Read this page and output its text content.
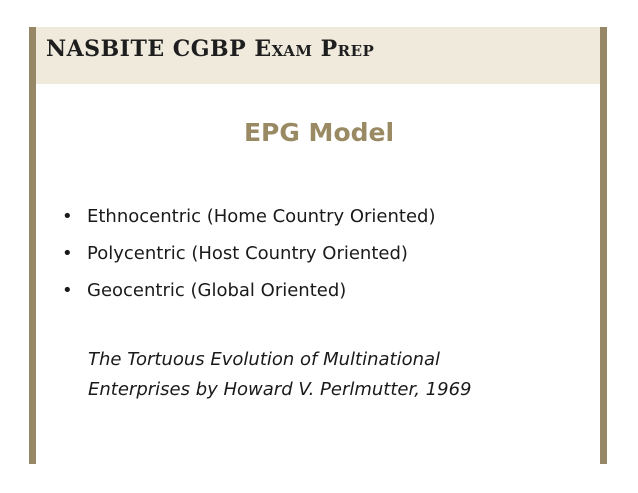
NASBITE CGBP Exam Prep
EPG Model
• Ethnocentric (Home Country Oriented)
• Polycentric (Host Country Oriented)
• Geocentric (Global Oriented)
The Tortuous Evolution of Multinational
Enterprises by Howard V. Perlmutter, 1969
